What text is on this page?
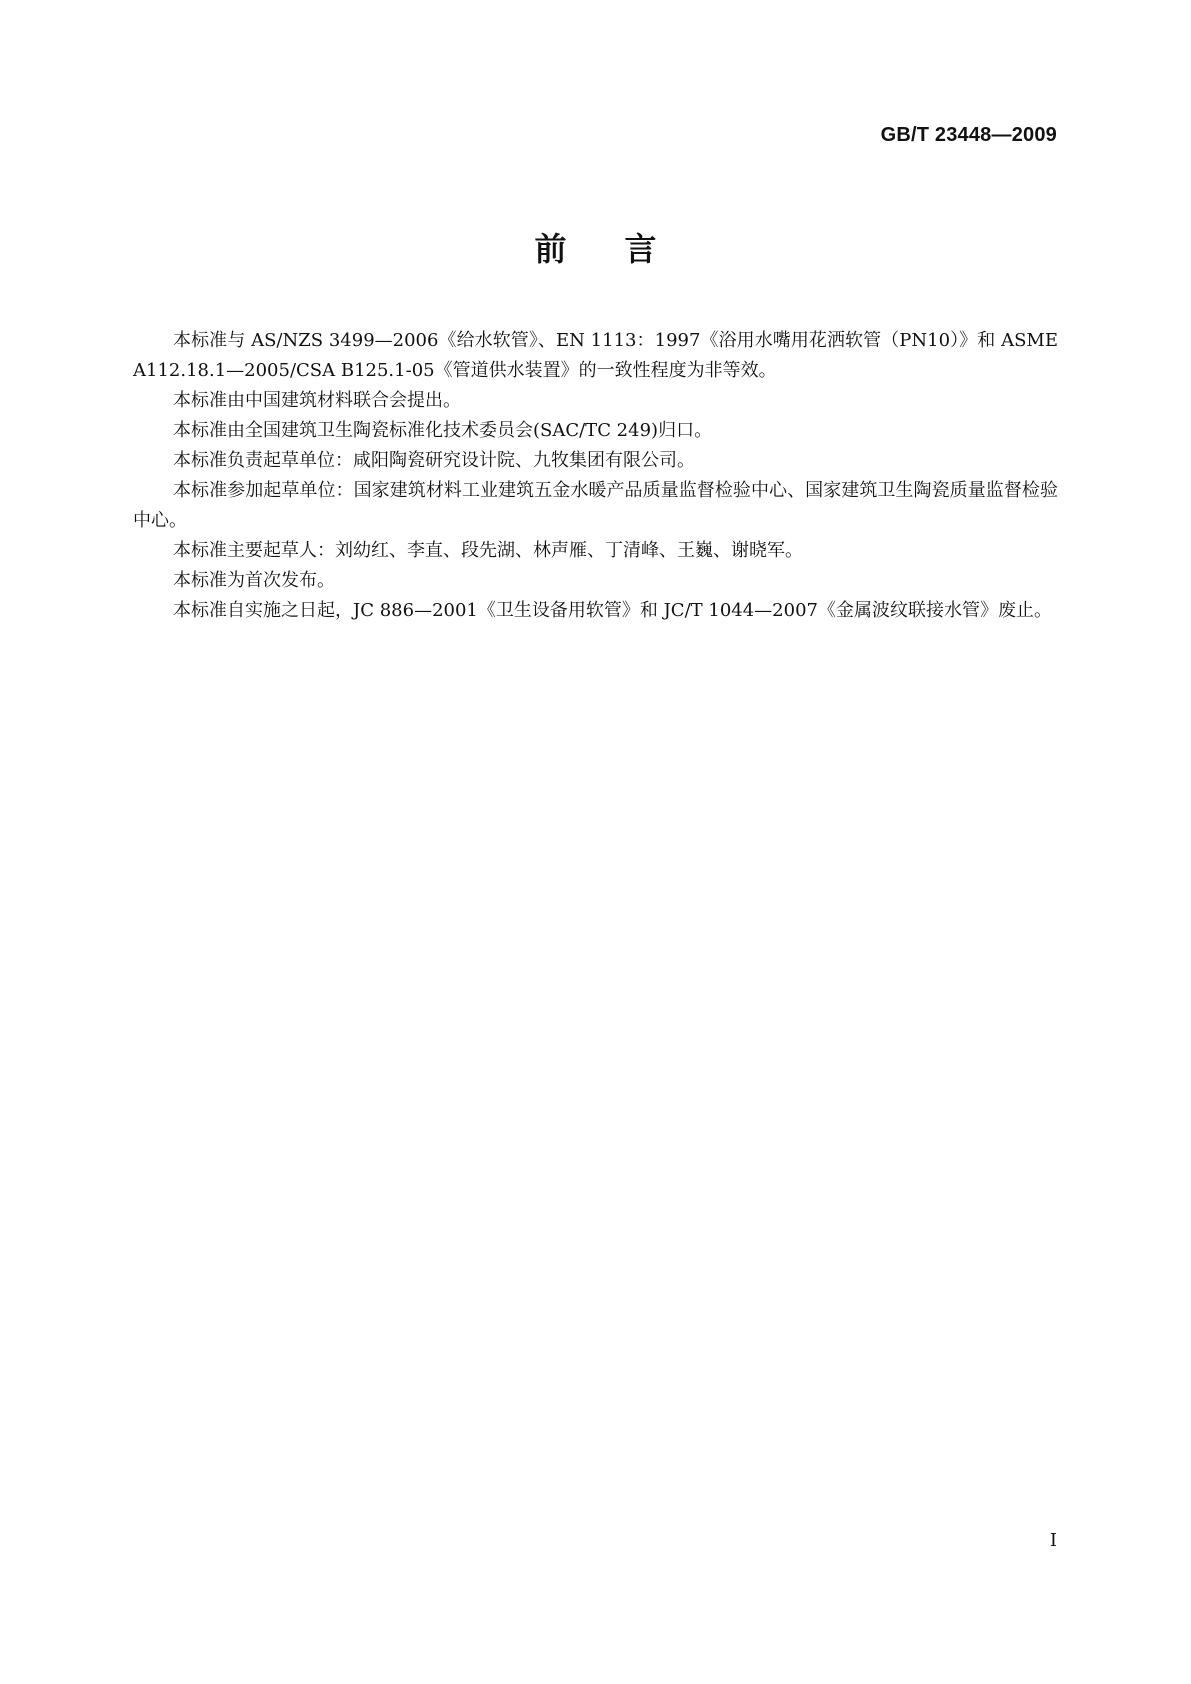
GB/T 23448—2009
前言

本标准与 AS/NZS 3499—2006《给水软管》、EN 1113：1997《浴用水嘴用花洒软管（PN10）》和 ASME A112.18.1—2005/CSA B125.1-05《管道供水装置》的一致性程度为非等效。

本标准由中国建筑材料联合会提出。

本标准由全国建筑卫生陶瓷标准化技术委员会(SAC/TC 249)归口。

本标准负责起草单位：咸阳陶瓷研究设计院、九牧集团有限公司。

本标准参加起草单位：国家建筑材料工业建筑五金水暖产品质量监督检验中心、国家建筑卫生陶瓷质量监督检验中心。

本标准主要起草人：刘幼红、李直、段先湖、林声雁、丁清峰、王巍、谢晓军。

本标准为首次发布。

本标准自实施之日起，JC 886—2001《卫生设备用软管》和 JC/T 1044—2007《金属波纹联接水管》废止。

I
